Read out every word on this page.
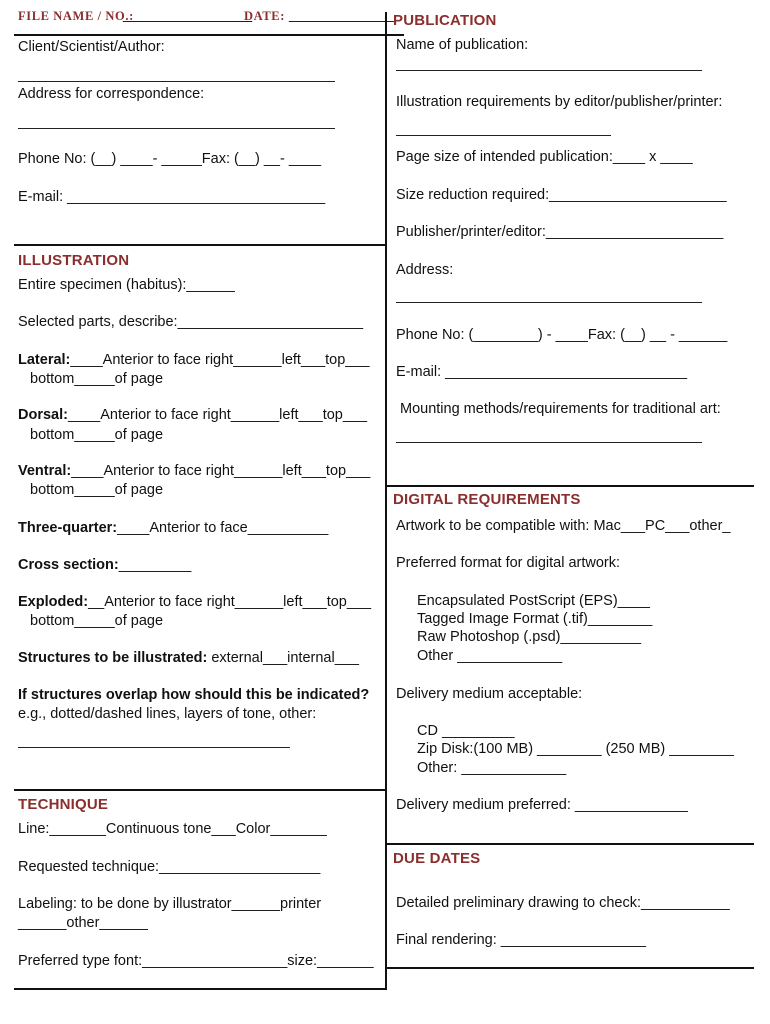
FILE NAME / NO.:
________________
DATE: _____________
Client/Scientist/Author:
Address for correspondence:
Phone No: (__) ____- _____Fax: (__) __- ____
E-mail: ________________________________
ILLUSTRATION
Entire specimen (habitus):______
Selected parts, describe:_______________________
Lateral:____Anterior to face right______left___top___
bottom_____of page
Dorsal:____Anterior to face right______left___top___
bottom_____of page
Ventral:____Anterior to face right______left___top___
bottom_____of page
Three-quarter:____Anterior to face__________
Cross section:_________
Exploded:__Anterior to face right______left___top___
bottom_____of page
Structures to be illustrated: external___internal___
If structures overlap how should this be indicated?
e.g., dotted/dashed lines, layers of tone, other:
TECHNIQUE
Line:_______Continuous tone___Color_______
Requested technique:____________________
Labeling: to be done by illustrator______printer
______other______
Preferred type font:__________________size:_______
PUBLICATION
Name of publication:
Illustration requirements by editor/publisher/printer:
Page size of intended publication:____ x ____
Size reduction required:______________________
Publisher/printer/editor:______________________
Address:
Phone No: (________) - ____Fax: (__) __ - ______
E-mail: ______________________________
Mounting methods/requirements for traditional art:
DIGITAL REQUIREMENTS
Artwork to be compatible with: Mac___PC___other_
Preferred format for digital artwork:
Encapsulated PostScript (EPS)____
Tagged Image Format (.tif)________
Raw Photoshop (.psd)__________
Other _____________
Delivery medium acceptable:
CD _________
Zip Disk:(100 MB) ________ (250 MB) ________
Other: _____________
Delivery medium preferred: ______________
DUE DATES
Detailed preliminary drawing to check:___________
Final rendering: __________________
